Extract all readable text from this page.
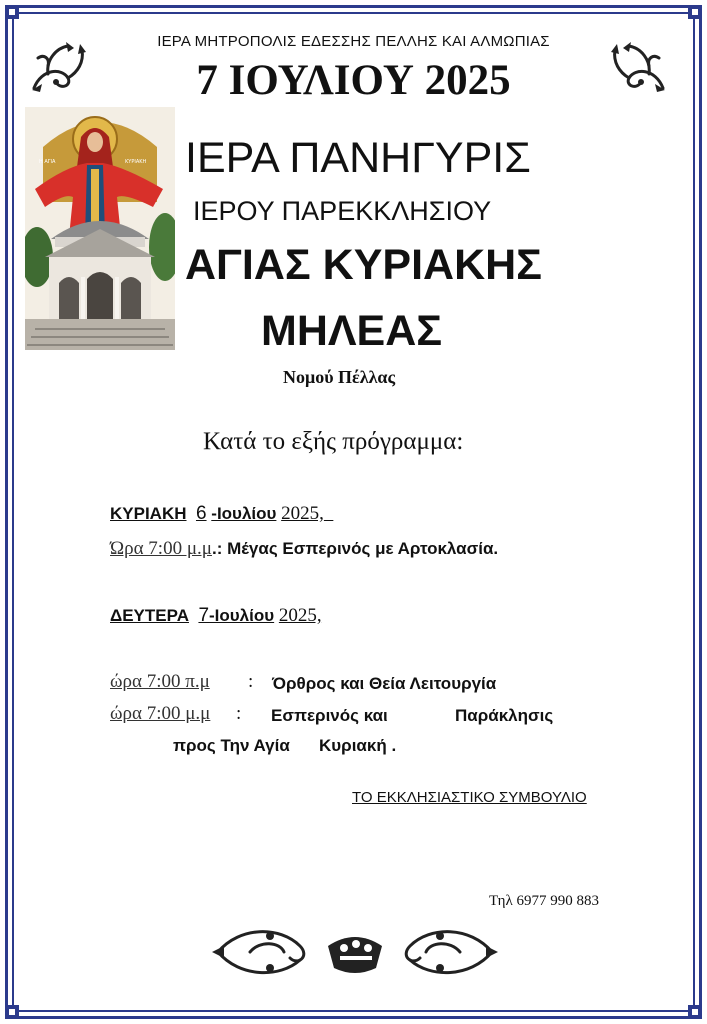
ΙΕΡΑ ΜΗΤΡΟΠΟΛΙΣ ΕΔΕΣΣΗΣ ΠΕΛΛΗΣ ΚΑΙ ΑΛΜΩΠΙΑΣ
7 ΙΟΥΛΙΟΥ 2025
Η ΑΓΙΑ	ΚΥΡΙΑΚΗ ΙΕΡΑ ΠΑΝΗΓΥΡΙΣ
ΙΕΡΟΥ ΠΑΡΕΚΚΛΗΣΙΟΥ
ΑΓΙΑΣ ΚΥΡΙΑΚΗΣ
ΜΗΛΕΑΣ
Νομού Πέλλας
Κατά το εξής πρόγραμμα:
ΚΥΡΙΑΚΗ 6 -Ιουλίου 2025,
Ώρα 7:00 μ.μ.: Μέγας Εσπερινός με Αρτοκλασία.
ΔΕΥΤΕΡΑ 7-Ιουλίου 2025,
ώρα 7:00 π.μ : Όρθρος και Θεία Λειτουργία
ώρα 7:00 μ.μ : Εσπερινός και	Παράκλησις
προς Την Αγία Κυριακή .
ΤΟ ΕΚΚΛΗΣΙΑΣΤΙΚΟ ΣΥΜΒΟΥΛΙΟ
Τηλ 6977 990 883
